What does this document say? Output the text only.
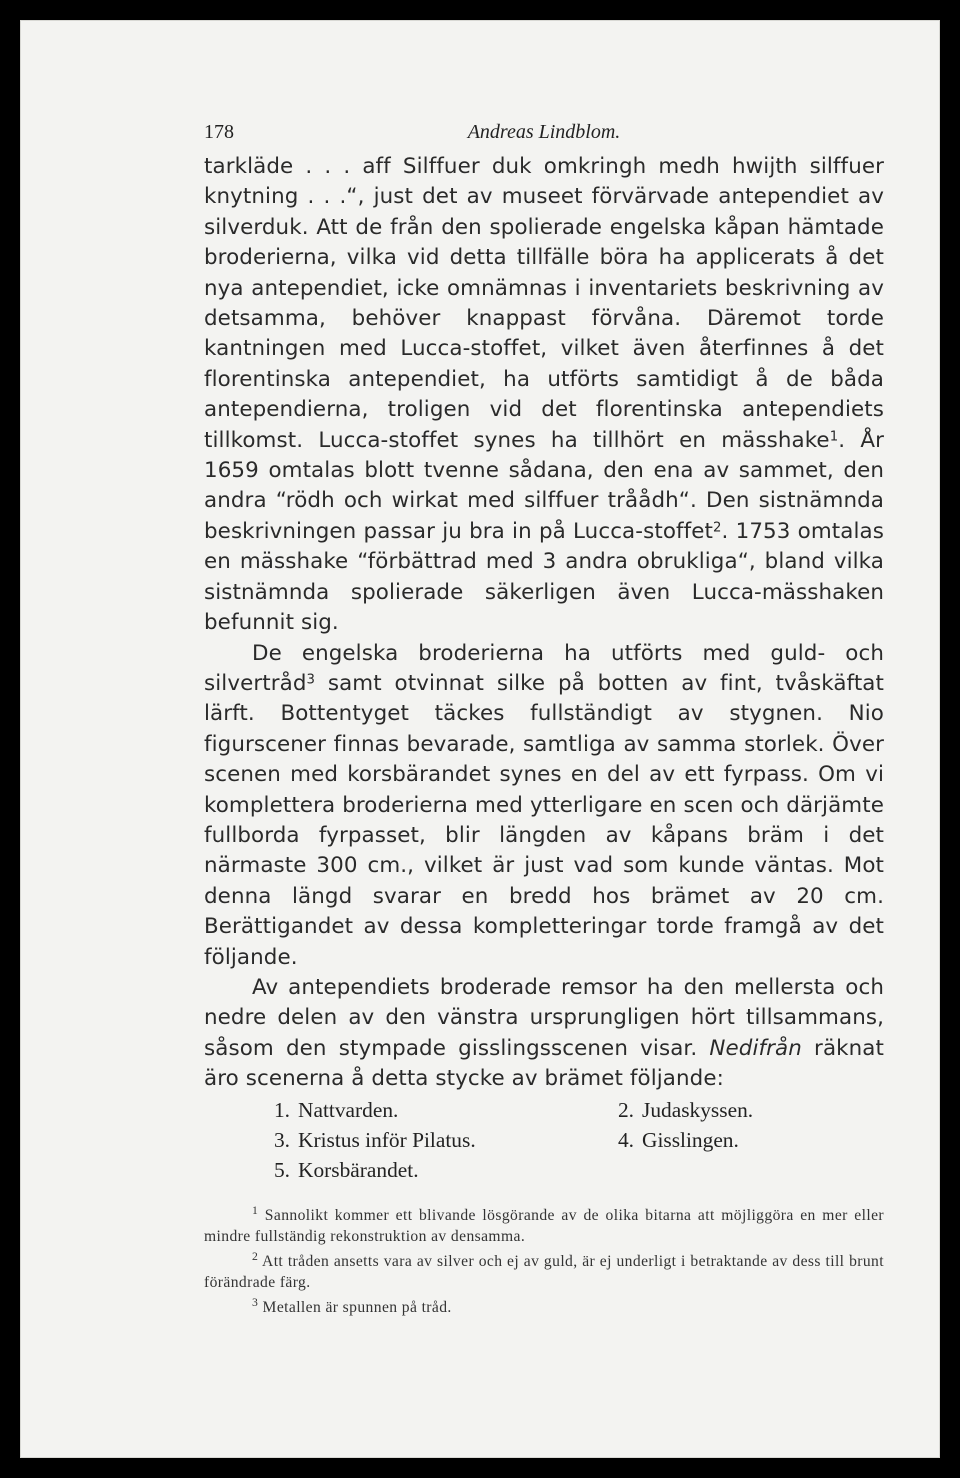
178	Andreas Lindblom.

tarkläde . . . aff Silffuer duk omkringh medh hwijth silffuer knytning . . .“, just det av museet förvärvade antependiet av silverduk. Att de från den spolierade engelska kåpan hämtade broderierna, vilka vid detta tillfälle böra ha applicerats å det nya antependiet, icke omnämnas i inventariets beskrivning av detsamma, behöver knappast förvåna. Däremot torde kantningen med Lucca-stoffet, vilket även återfinnes å det florentinska antependiet, ha utförts samtidigt å de båda antependierna, troligen vid det florentinska antependiets tillkomst. Lucca-stoffet synes ha tillhört en mässhake$^1$. År 1659 omtalas blott tvenne sådana, den ena av sammet, den andra “rödh och wirkat med silffuer tråådh“. Den sistnämnda beskrivningen passar ju bra in på Lucca-stoffet$^2$. 1753 omtalas en mässhake “förbättrad med 3 andra obrukliga“, bland vilka sistnämnda spolierade säkerligen även Lucca-mässhaken befunnit sig.

De engelska broderierna ha utförts med guld- och silvertråd$^3$ samt otvinnat silke på botten av fint, tvåskäftat lärft. Bottentyget täckes fullständigt av stygnen. Nio figurscener finnas bevarade, samtliga av samma storlek. Över scenen med korsbärandet synes en del av ett fyrpass. Om vi komplettera broderierna med ytterligare en scen och därjämte fullborda fyrpasset, blir längden av kåpans bräm i det närmaste 300 cm., vilket är just vad som kunde väntas. Mot denna längd svarar en bredd hos brämet av 20 cm. Berättigandet av dessa kompletteringar torde framgå av det följande.

Av antependiets broderade remsor ha den mellersta och nedre delen av den vänstra ursprungligen hört tillsammans, såsom den stympade gisslingsscenen visar. Nedifrån räknat äro scenerna å detta stycke av brämet följande:

1. Nattvarden.	2. Judaskyssen.
3. Kristus inför Pilatus.	4. Gisslingen.
5. Korsbärandet.

$^1$ Sannolikt kommer ett blivande lösgörande av de olika bitarna att möjliggöra en mer eller mindre fullständig rekonstruktion av densamma.

$^2$ Att tråden ansetts vara av silver och ej av guld, är ej underligt i betraktande av dess till brunt förändrade färg.

$^3$ Metallen är spunnen på tråd.
